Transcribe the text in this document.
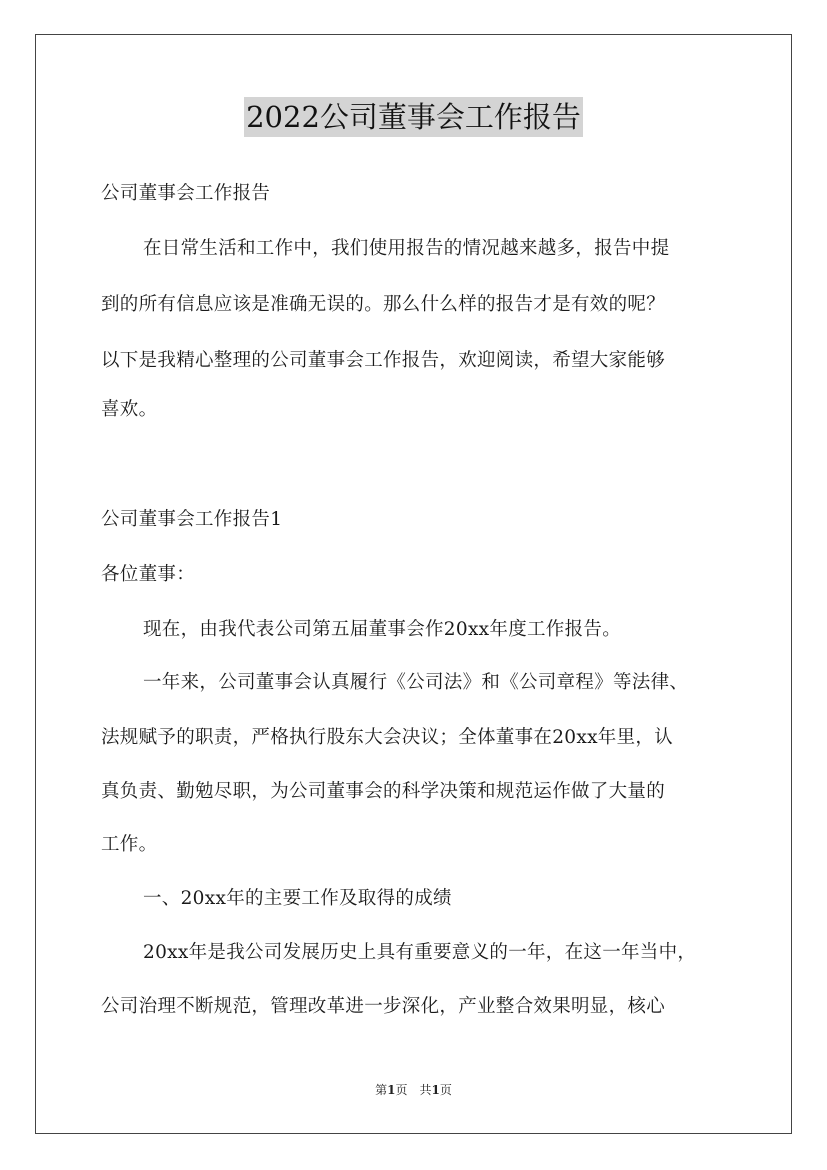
2022公司董事会工作报告
公司董事会工作报告
在日常生活和工作中，我们使用报告的情况越来越多，报告中提
到的所有信息应该是准确无误的。那么什么样的报告才是有效的呢？
以下是我精心整理的公司董事会工作报告，欢迎阅读，希望大家能够
喜欢。
公司董事会工作报告1
各位董事：
现在，由我代表公司第五届董事会作20xx年度工作报告。
一年来，公司董事会认真履行《公司法》和《公司章程》等法律、
法规赋予的职责，严格执行股东大会决议；全体董事在20xx年里，认
真负责、勤勉尽职，为公司董事会的科学决策和规范运作做了大量的
工作。
一、20xx年的主要工作及取得的成绩
20xx年是我公司发展历史上具有重要意义的一年，在这一年当中，
公司治理不断规范，管理改革进一步深化，产业整合效果明显，核心
第1页　共1页
